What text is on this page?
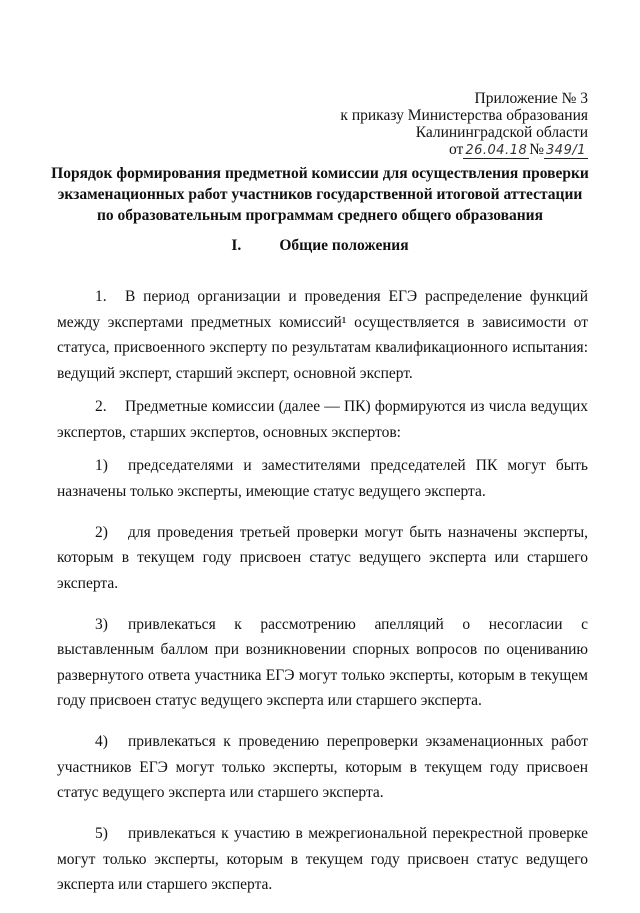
Приложение № 3
к приказу Министерства образования
Калининградской области
от 26.04.18 № 349/1
Порядок формирования предметной комиссии для осуществления проверки экзаменационных работ участников государственной итоговой аттестации по образовательным программам среднего общего образования
I. Общие положения

1. В период организации и проведения ЕГЭ распределение функций между экспертами предметных комиссий¹ осуществляется в зависимости от статуса, присвоенного эксперту по результатам квалификационного испытания: ведущий эксперт, старший эксперт, основной эксперт.

2. Предметные комиссии (далее — ПК) формируются из числа ведущих экспертов, старших экспертов, основных экспертов:

1) председателями и заместителями председателей ПК могут быть назначены только эксперты, имеющие статус ведущего эксперта.

2) для проведения третьей проверки могут быть назначены эксперты, которым в текущем году присвоен статус ведущего эксперта или старшего эксперта.

3) привлекаться к рассмотрению апелляций о несогласии с выставленным баллом при возникновении спорных вопросов по оцениванию развернутого ответа участника ЕГЭ могут только эксперты, которым в текущем году присвоен статус ведущего эксперта или старшего эксперта.

4) привлекаться к проведению перепроверки экзаменационных работ участников ЕГЭ могут только эксперты, которым в текущем году присвоен статус ведущего эксперта или старшего эксперта.

5) привлекаться к участию в межрегиональной перекрестной проверке могут только эксперты, которым в текущем году присвоен статус ведущего эксперта или старшего эксперта.
